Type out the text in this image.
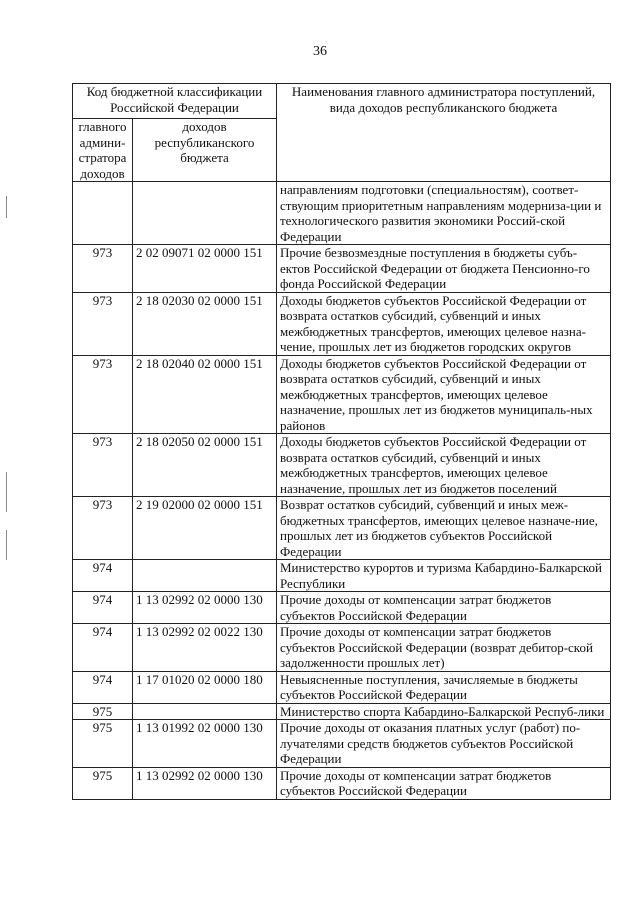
36
Код бюджетной классификации Российской Федерации		Наименования главного администратора поступлений, вида доходов республиканского бюджета
главного админи-стратора доходов	доходов республиканского бюджета	
		направлениям подготовки (специальностям), соответ-ствующим приоритетным направлениям модерниза-ции и технологического развития экономики Россий-ской Федерации
973	2 02 09071 02 0000 151	Прочие безвозмездные поступления в бюджеты субъ-ектов Российской Федерации от бюджета Пенсионно-го фонда Российской Федерации
973	2 18 02030 02 0000 151	Доходы бюджетов субъектов Российской Федерации от возврата остатков субсидий, субвенций и иных межбюджетных трансфертов, имеющих целевое назна-чение, прошлых лет из бюджетов городских округов
973	2 18 02040 02 0000 151	Доходы бюджетов субъектов Российской Федерации от возврата остатков субсидий, субвенций и иных межбюджетных трансфертов, имеющих целевое назначение, прошлых лет из бюджетов муниципаль-ных районов
973	2 18 02050 02 0000 151	Доходы бюджетов субъектов Российской Федерации от возврата остатков субсидий, субвенций и иных межбюджетных трансфертов, имеющих целевое назначение, прошлых лет из бюджетов поселений
973	2 19 02000 02 0000 151	Возврат остатков субсидий, субвенций и иных меж-бюджетных трансфертов, имеющих целевое назначе-ние, прошлых лет из бюджетов субъектов Российской Федерации
974		Министерство курортов и туризма Кабардино-Балкарской Республики
974	1 13 02992 02 0000 130	Прочие доходы от компенсации затрат бюджетов субъектов Российской Федерации
974	1 13 02992 02 0022 130	Прочие доходы от компенсации затрат бюджетов субъектов Российской Федерации (возврат дебитор-ской задолженности прошлых лет)
974	1 17 01020 02 0000 180	Невыясненные поступления, зачисляемые в бюджеты субъектов Российской Федерации
975		Министерство спорта Кабардино-Балкарской Респуб-лики
975	1 13 01992 02 0000 130	Прочие доходы от оказания платных услуг (работ) по-лучателями средств бюджетов субъектов Российской Федерации
975	1 13 02992 02 0000 130	Прочие доходы от компенсации затрат бюджетов субъектов Российской Федерации
